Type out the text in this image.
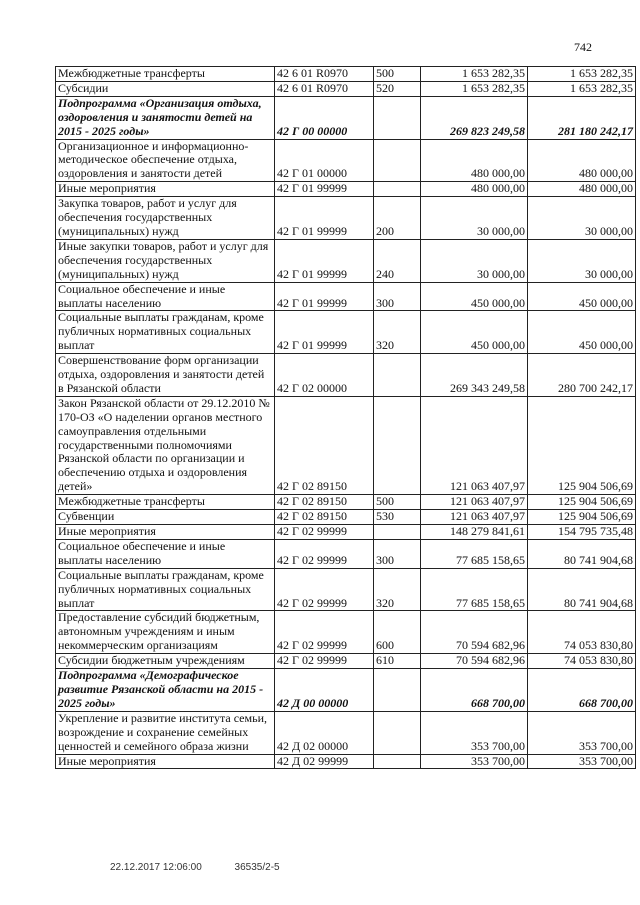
742
Межбюджетные трансферты	42 6 01 R0970	500	1 653 282,35	1 653 282,35
Субсидии	42 6 01 R0970	520	1 653 282,35	1 653 282,35
Подпрограмма «Организация отдыха, оздоровления и занятости детей на 2015 - 2025 годы»	42 Г 00 00000		269 823 249,58	281 180 242,17
Организационное и информационно-методическое обеспечение отдыха, оздоровления и занятости детей	42 Г 01 00000		480 000,00	480 000,00
Иные мероприятия	42 Г 01 99999		480 000,00	480 000,00
Закупка товаров, работ и услуг для обеспечения государственных (муниципальных) нужд	42 Г 01 99999	200	30 000,00	30 000,00
Иные закупки товаров, работ и услуг для обеспечения государственных (муниципальных) нужд	42 Г 01 99999	240	30 000,00	30 000,00
Социальное обеспечение и иные выплаты населению	42 Г 01 99999	300	450 000,00	450 000,00
Социальные выплаты гражданам, кроме публичных нормативных социальных выплат	42 Г 01 99999	320	450 000,00	450 000,00
Совершенствование форм организации отдыха, оздоровления и занятости детей в Рязанской области	42 Г 02 00000		269 343 249,58	280 700 242,17
Закон Рязанской области от 29.12.2010 № 170-ОЗ «О наделении органов местного самоуправления отдельными государственными полномочиями Рязанской области по организации и обеспечению отдыха и оздоровления детей»	42 Г 02 89150		121 063 407,97	125 904 506,69
Межбюджетные трансферты	42 Г 02 89150	500	121 063 407,97	125 904 506,69
Субвенции	42 Г 02 89150	530	121 063 407,97	125 904 506,69
Иные мероприятия	42 Г 02 99999		148 279 841,61	154 795 735,48
Социальное обеспечение и иные выплаты населению	42 Г 02 99999	300	77 685 158,65	80 741 904,68
Социальные выплаты гражданам, кроме публичных нормативных социальных выплат	42 Г 02 99999	320	77 685 158,65	80 741 904,68
Предоставление субсидий бюджетным, автономным учреждениям и иным некоммерческим организациям	42 Г 02 99999	600	70 594 682,96	74 053 830,80
Субсидии бюджетным учреждениям	42 Г 02 99999	610	70 594 682,96	74 053 830,80
Подпрограмма «Демографическое развитие Рязанской области на 2015 - 2025 годы»	42 Д 00 00000		668 700,00	668 700,00
Укрепление и развитие института семьи, возрождение и сохранение семейных ценностей и семейного образа жизни	42 Д 02 00000		353 700,00	353 700,00
Иные мероприятия	42 Д 02 99999		353 700,00	353 700,00
22.12.2017 12:06:00	36535/2-5
